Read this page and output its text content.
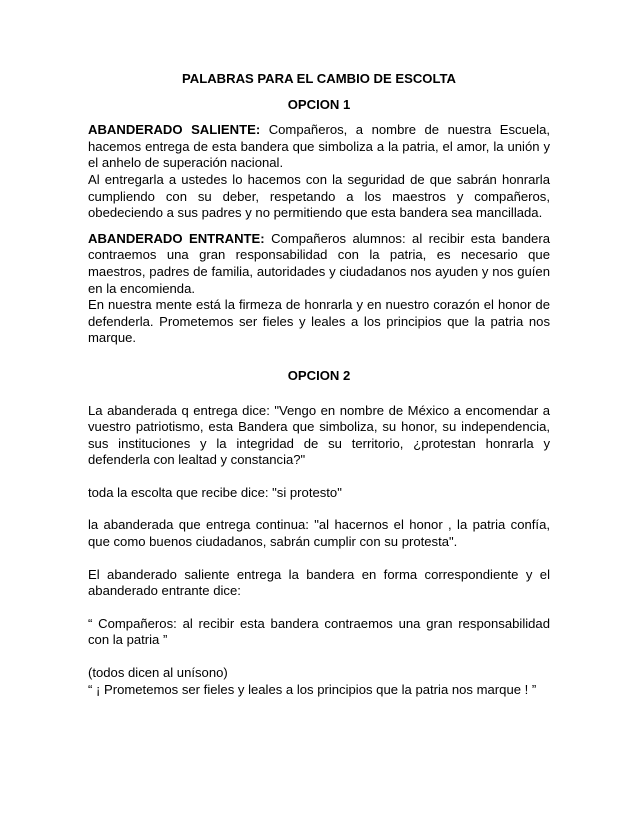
PALABRAS PARA EL CAMBIO DE ESCOLTA
OPCION 1

ABANDERADO SALIENTE: Compañeros, a nombre de nuestra Escuela, hacemos entrega de esta bandera que simboliza a la patria, el amor, la unión y el anhelo de superación nacional.

Al entregarla a ustedes lo hacemos con la seguridad de que sabrán honrarla cumpliendo con su deber, respetando a los maestros y compañeros, obedeciendo a sus padres y no permitiendo que esta bandera sea mancillada.

ABANDERADO ENTRANTE: Compañeros alumnos: al recibir esta bandera contraemos una gran responsabilidad con la patria, es necesario que maestros, padres de familia, autoridades y ciudadanos nos ayuden y nos guíen en la encomienda.

En nuestra mente está la firmeza de honrarla y en nuestro corazón el honor de defenderla. Prometemos ser fieles y leales a los principios que la patria nos marque.

OPCION 2

La abanderada q entrega dice: "Vengo en nombre de México a encomendar a vuestro patriotismo, esta Bandera que simboliza, su honor, su independencia, sus instituciones y la integridad de su territorio, ¿protestan honrarla y defenderla con lealtad y constancia?"

toda la escolta que recibe dice: "si protesto"

la abanderada que entrega continua: "al hacernos el honor , la patria confía, que como buenos ciudadanos, sabrán cumplir con su protesta".

El abanderado saliente entrega la bandera en forma correspondiente y el abanderado entrante dice:

“ Compañeros: al recibir esta bandera contraemos una gran responsabilidad con la patria ”

(todos dicen al unísono)

“ ¡ Prometemos ser fieles y leales a los principios que la patria nos marque ! ”
